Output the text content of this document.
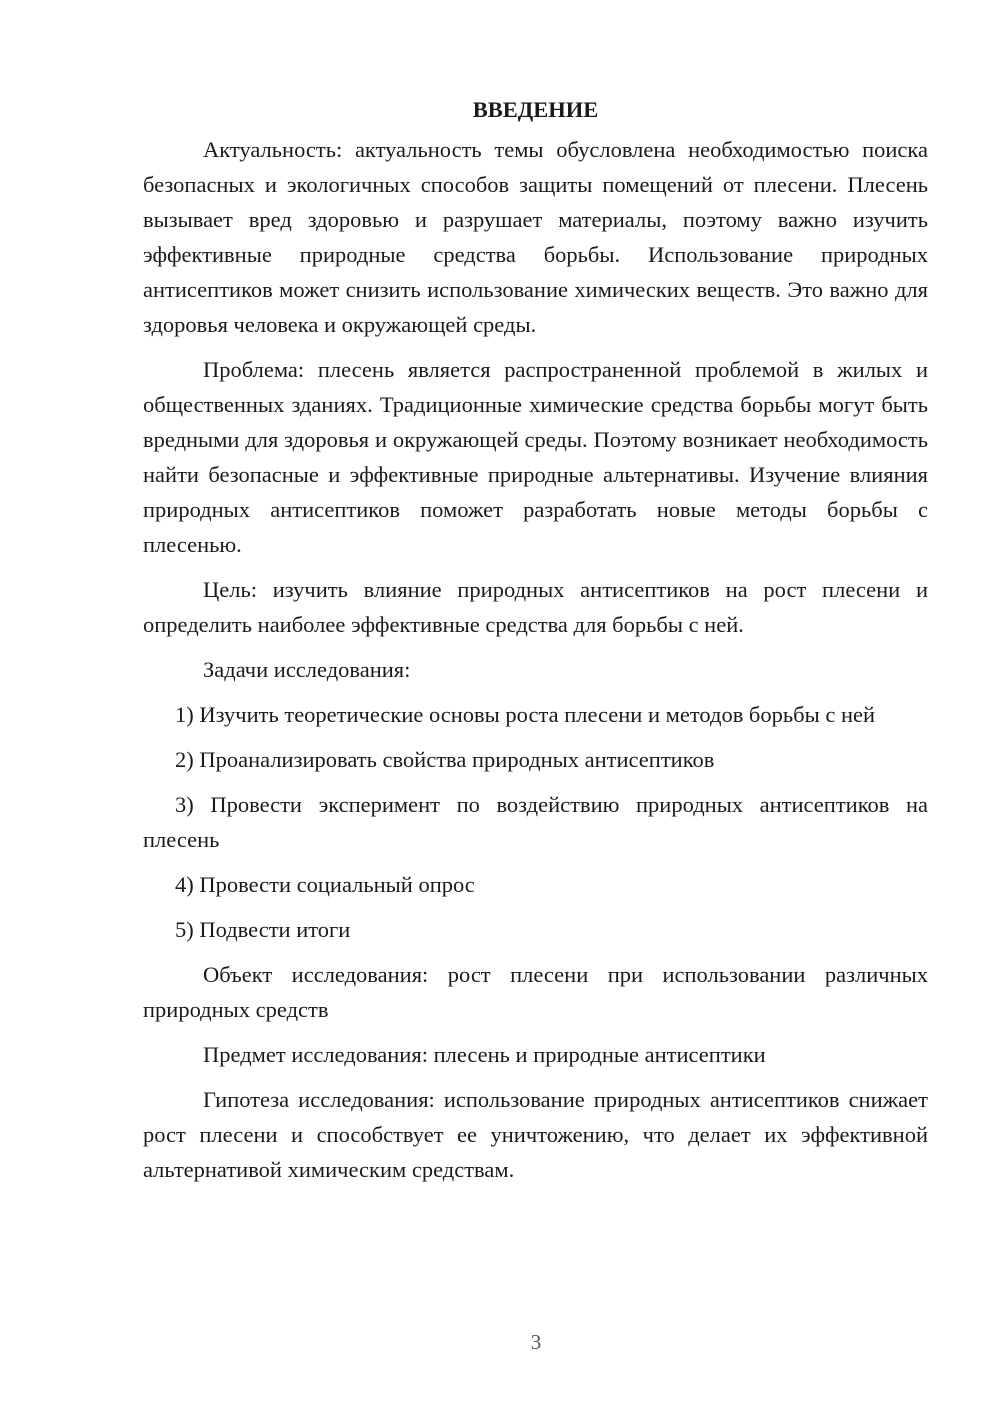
ВВЕДЕНИЕ

Актуальность: актуальность темы обусловлена необходимостью поиска безопасных и экологичных способов защиты помещений от плесени. Плесень вызывает вред здоровью и разрушает материалы, поэтому важно изучить эффективные природные средства борьбы. Использование природных антисептиков может снизить использование химических веществ. Это важно для здоровья человека и окружающей среды.

Проблема: плесень является распространенной проблемой в жилых и общественных зданиях. Традиционные химические средства борьбы могут быть вредными для здоровья и окружающей среды. Поэтому возникает необходимость найти безопасные и эффективные природные альтернативы. Изучение влияния природных антисептиков поможет разработать новые методы борьбы с плесенью.

Цель: изучить влияние природных антисептиков на рост плесени и определить наиболее эффективные средства для борьбы с ней.

Задачи исследования:

1) Изучить теоретические основы роста плесени и методов борьбы с ней

2) Проанализировать свойства природных антисептиков

3) Провести эксперимент по воздействию природных антисептиков на плесень

4) Провести социальный опрос

5) Подвести итоги

Объект исследования: рост плесени при использовании различных природных средств

Предмет исследования: плесень и природные антисептики

Гипотеза исследования: использование природных антисептиков снижает рост плесени и способствует ее уничтожению, что делает их эффективной альтернативой химическим средствам.

3
